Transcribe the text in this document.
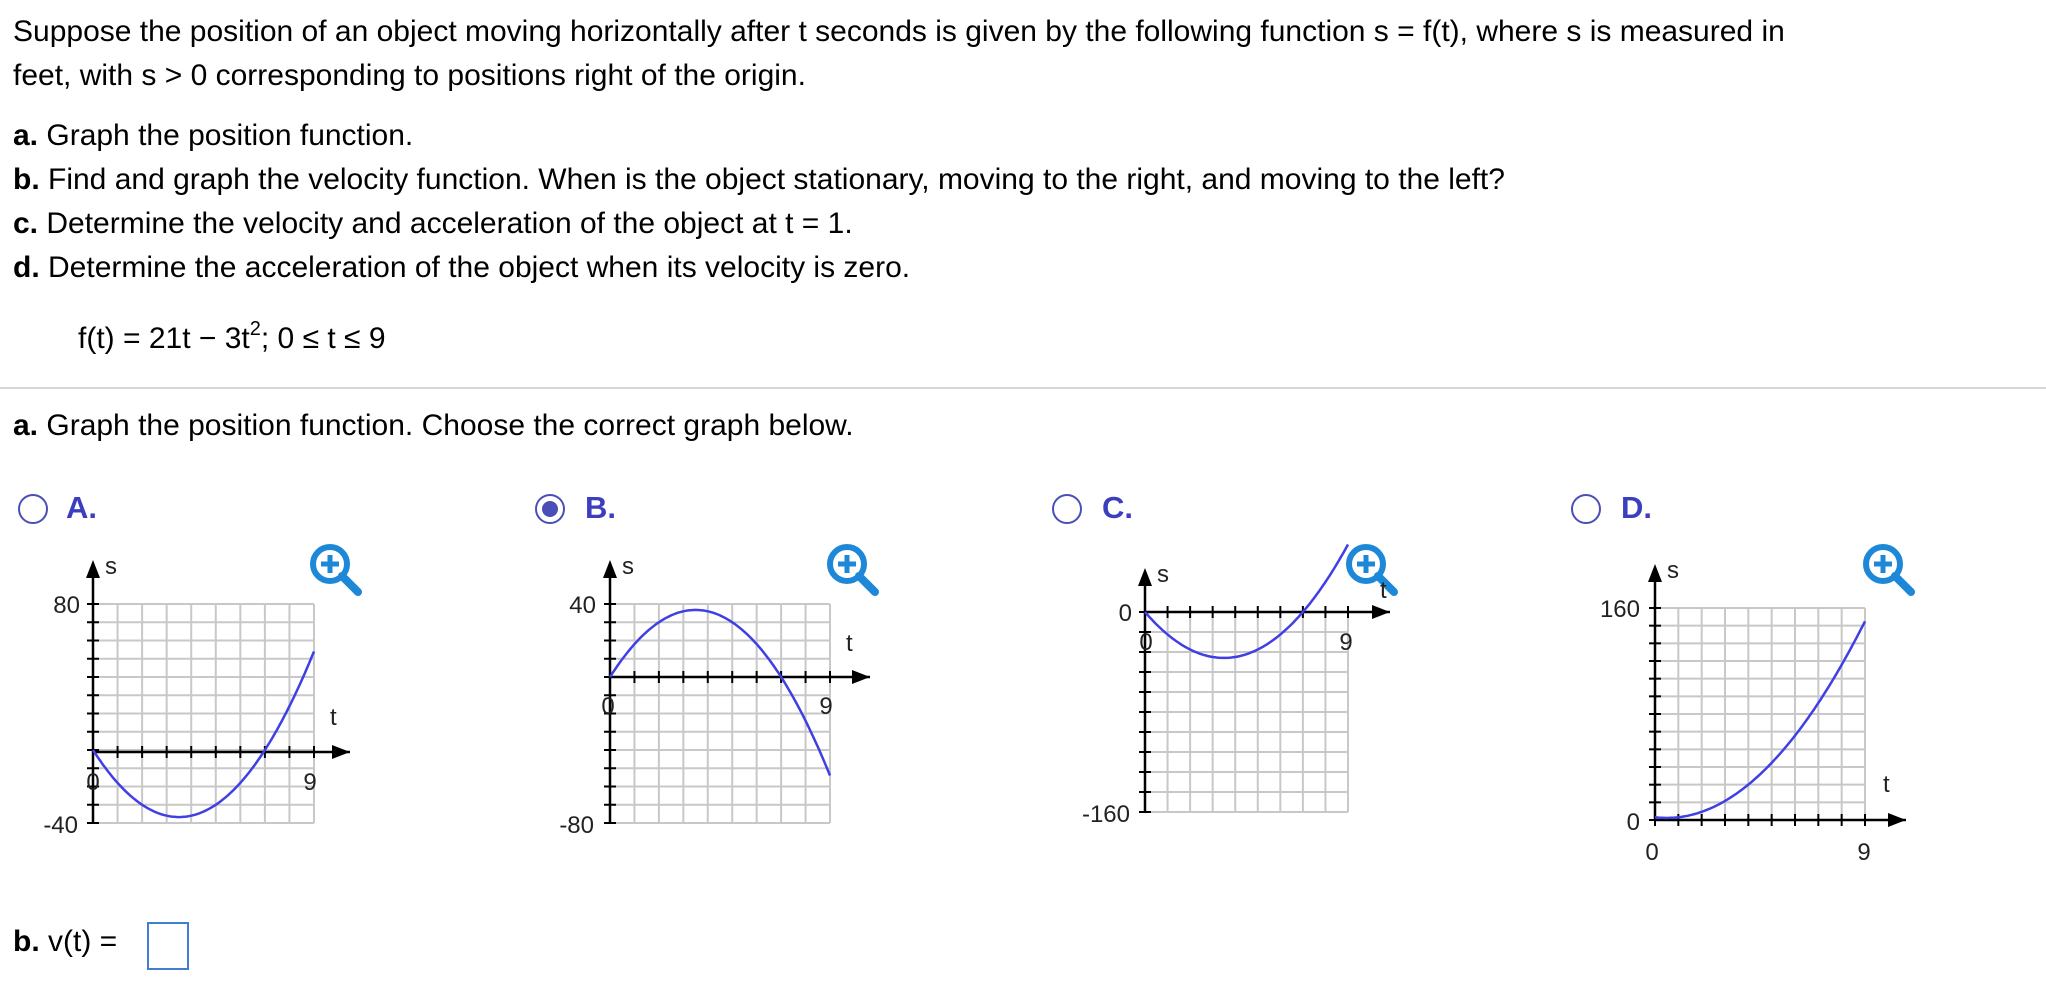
Suppose the position of an object moving horizontally after t seconds is given by the following function s = f(t), where s is measured in
feet, with s > 0 corresponding to positions right of the origin.
a. Graph the position function.
b. Find and graph the velocity function. When is the object stationary, moving to the right, and moving to the left?
c. Determine the velocity and acceleration of the object at t = 1.
d. Determine the acceleration of the object when its velocity is zero.
$f(t) = 21t - 3t^2$; 0 ≤ t ≤ 9
a. Graph the position function. Choose the correct graph below.
A.	B.	C.	D.
s
80
-40
t
0	9
s
40
-80
t
0	9
s
0
-160
t
0	9
s
160
0
t
0	9
b. v(t) =
